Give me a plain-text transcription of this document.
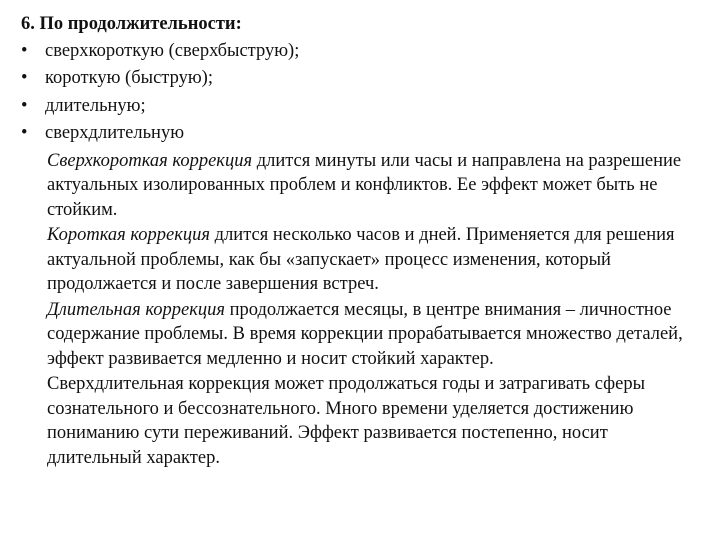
6. По продолжительности:
• сверхкороткую (сверхбыструю);
• короткую (быструю);
• длительную;
• сверхдлительную

Сверхкороткая коррекция длится минуты или часы и направлена на разрешение актуальных изолированных проблем и конфликтов. Ее эффект может быть не стойким.

Короткая коррекция длится несколько часов и дней. Применяется для решения актуальной проблемы, как бы «запускает» процесс изменения, который продолжается и после завершения встреч.

Длительная коррекция продолжается месяцы, в центре внимания – личностное содержание проблемы. В время коррекции прорабатывается множество деталей, эффект развивается медленно и носит стойкий характер.

Сверхдлительная коррекция может продолжаться годы и затрагивать сферы сознательного и бессознательного. Много времени уделяется достижению пониманию сути переживаний. Эффект развивается постепенно, носит длительный характер.
